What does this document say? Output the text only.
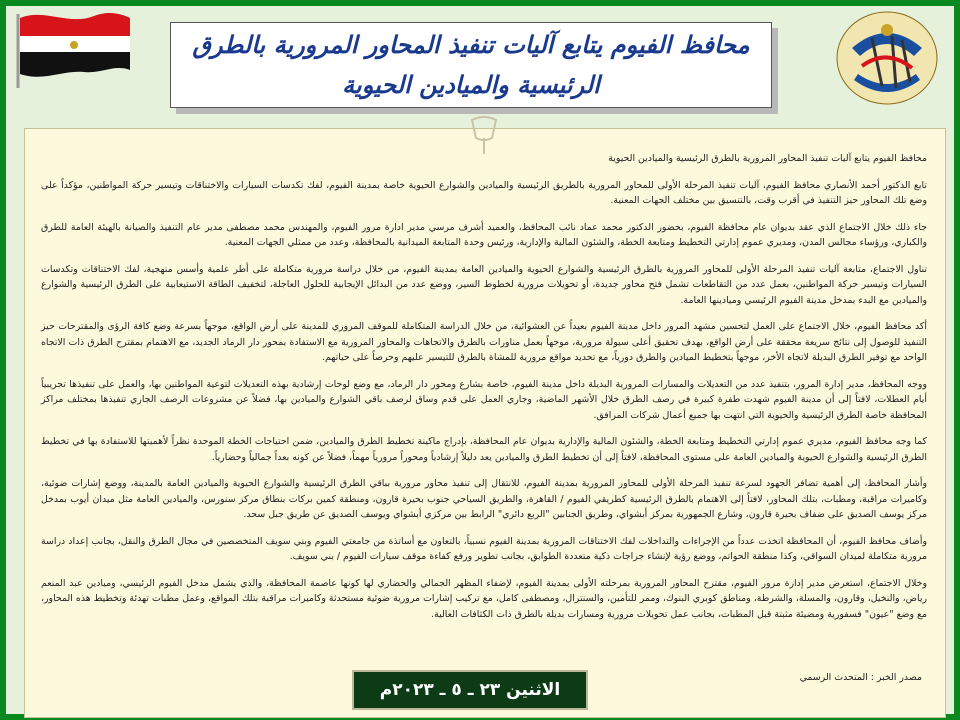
محافظ الفيوم يتابع آليات تنفيذ المحاور المرورية بالطرق
الرئيسية والميادين الحيوية

محافظ الفيوم يتابع آليات تنفيذ المحاور المرورية بالطرق الرئيسية والميادين الحيوية

تابع الدكتور أحمد الأنصاري محافظ الفيوم، آليات تنفيذ المرحلة الأولى للمحاور المرورية بالطريق الرئيسية والميادين والشوارع الحيوية خاصة بمدينة الفيوم، لفك تكدسات السيارات والاختناقات وتيسير حركة المواطنين، مؤكداً على وضع تلك المحاور حيز التنفيذ في أقرب وقت، بالتنسيق بين مختلف الجهات المعنية.

جاء ذلك خلال الاجتماع الذي عقد بديوان عام محافظة الفيوم، بحضور الدكتور محمد عماد نائب المحافظ، والعميد أشرف مرسي مدير ادارة مرور الفيوم، والمهندس محمد مصطفى مدير عام التنفيذ والصيانة بالهيئة العامة للطرق والكباري، ورؤساء مجالس المدن، ومديري عموم إدارتي التخطيط ومتابعة الخطة، والشئون المالية والإدارية، ورئيس وحدة المتابعة الميدانية بالمحافظة، وعدد من ممثلي الجهات المعنية.

تناول الاجتماع، متابعة آليات تنفيذ المرحلة الأولى للمحاور المرورية بالطرق الرئيسية والشوارع الحيوية والميادين العامة بمدينة الفيوم، من خلال دراسة مرورية متكاملة على أطر علمية وأسس منهجية، لفك الاختناقات وتكدسات السيارات وتيسير حركة المواطنين، بعمل عدد من التقاطعات تشمل فتح محاور جديدة، أو تحويلات مرورية لخطوط السير، ووضع عدد من البدائل الإيجابية للحلول العاجلة، لتخفيف الطاقة الاستيعابية على الطرق الرئيسية والشوارع والميادين مع البدء بمدخل مدينة الفيوم الرئيسي وميادينها العامة.

أكد محافظ الفيوم، خلال الاجتماع على العمل لتحسين مشهد المرور داخل مدينة الفيوم بعيداً عن العشوائية، من خلال الدراسة المتكاملة للموقف المروري للمدينة على أرض الواقع، موجهاً بسرعة وضع كافة الرؤى والمقترحات حيز التنفيذ للوصول إلى نتائج سريعة محققة على أرض الواقع، بهدف تحقيق أعلى سيولة مرورية، موجهاً بعمل مناورات بالطرق والاتجاهات والمحاور المرورية مع الاستفادة بمحور دار الرماد الجديد، مع الاهتمام بمقترح الطرق ذات الاتجاه الواحد مع توفير الطرق البديلة لاتجاه الأخر، موجهاً بتخطيط الميادين والطرق دورياً، مع تحديد مواقع مرورية للمشاة بالطرق للتيسير عليهم وحرصاً على حياتهم.

ووجه المحافظ، مدير إدارة المرور، بتنفيذ عدد من التعديلات والمسارات المرورية البديلة داخل مدينة الفيوم، خاصة بشارع ومحور دار الرماد، مع وضع لوحات إرشادية بهذه التعديلات لتوعية المواطنين بها، والعمل على تنفيذها تجريبياً أيام العطلات، لافتاً إلى أن مدينة الفيوم شهدت طفرة كبيرة في رصف الطرق خلال الأشهر الماضية، وجاري العمل على قدم وساق لرصف باقي الشوارع والميادين بها، فضلاً عن مشروعات الرصف الجاري تنفيذها بمختلف مراكز المحافظة خاصة الطرق الرئيسية والحيوية التي انتهت بها جميع أعمال شركات المرافق.

كما وجه محافظ الفيوم، مديري عموم إدارتي التخطيط ومتابعة الخطة، والشئون المالية والإدارية بديوان عام المحافظة، بإدراج ماكينة تخطيط الطرق والميادين، ضمن احتياجات الخطة الموحدة نظراً لأهميتها للاستفادة بها في تخطيط الطرق الرئيسية والشوارع الحيوية والميادين العامة على مستوى المحافظة، لافتاً إلى أن تخطيط الطرق والميادين يعد دليلاً إرشادياً ومحوراً مرورياً مهماً، فضلاً عن كونه بعداً جمالياً وحضارياً.

وأشار المحافظ، إلى أهمية تضافر الجهود لسرعة تنفيذ المرحلة الأولى للمحاور المرورية بمدينة الفيوم، للانتقال إلى تنفيذ محاور مرورية بباقي الطرق الرئيسية والشوارع الحيوية والميادين العامة بالمدينة، ووضع إشارات ضوئية، وكاميرات مراقبة، ومطبات، بتلك المحاور، لافتاً إلى الاهتمام بالطرق الرئيسية كطريقي الفيوم / القاهرة، والطريق السياحي جنوب بحيرة قارون، ومنطقة كمين بركات بنطاق مركز سنورس، والميادين العامة مثل ميدان أيوب بمدخل مركز يوسف الصديق على ضفاف بحيرة قارون، وشارع الجمهورية بمركز أبشواي، وطريق الجنابين "الربع دائري" الرابط بين مركزي أبشواي ويوسف الصديق عن طريق جبل سحد.

وأضاف محافظ الفيوم، أن المحافظة اتخذت عدداً من الإجراءات والتداخلات لفك الاختناقات المرورية بمدينة الفيوم نسبياً، بالتعاون مع أساتذة من جامعتي الفيوم وبني سويف المتخصصين في مجال الطرق والنقل، بجانب إعداد دراسة مرورية متكاملة لميدان السواقي، وكذا منطقة الحواتم، ووضع رؤية لإنشاء جراجات ذكية متعددة الطوابق، بجانب تطوير ورفع كفاءة موقف سيارات الفيوم / بني سويف.

وخلال الاجتماع، استعرض مدير إدارة مرور الفيوم، مقترح المحاور المرورية بمرحلته الأولى بمدينة الفيوم، لإضفاء المظهر الجمالي والحضاري لها كونها عاصمة المحافظة، والذي يشمل مدخل الفيوم الرئيسي، وميادين عبد المنعم رياض، والنخيل، وقارون، والمسلة، والشرطة، ومناطق كوبري البنوك، وممر للتأمين، والسنترال، ومصطفى كامل، مع تركيب إشارات مرورية ضوئية مستحدثة وكاميرات مراقبة بتلك المواقع، وعمل مطبات تهدئة وتخطيط هذه المحاور، مع وضع "عيون" فسفورية ومضيئة مثبتة قبل المطبات، بجانب عمل تحويلات مرورية ومسارات بديلة بالطرق ذات الكثافات العالية.

مصدر الخبر : المتحدث الرسمي
الاثنين ٢٣ ـ ٥ ـ ٢٠٢٣م
